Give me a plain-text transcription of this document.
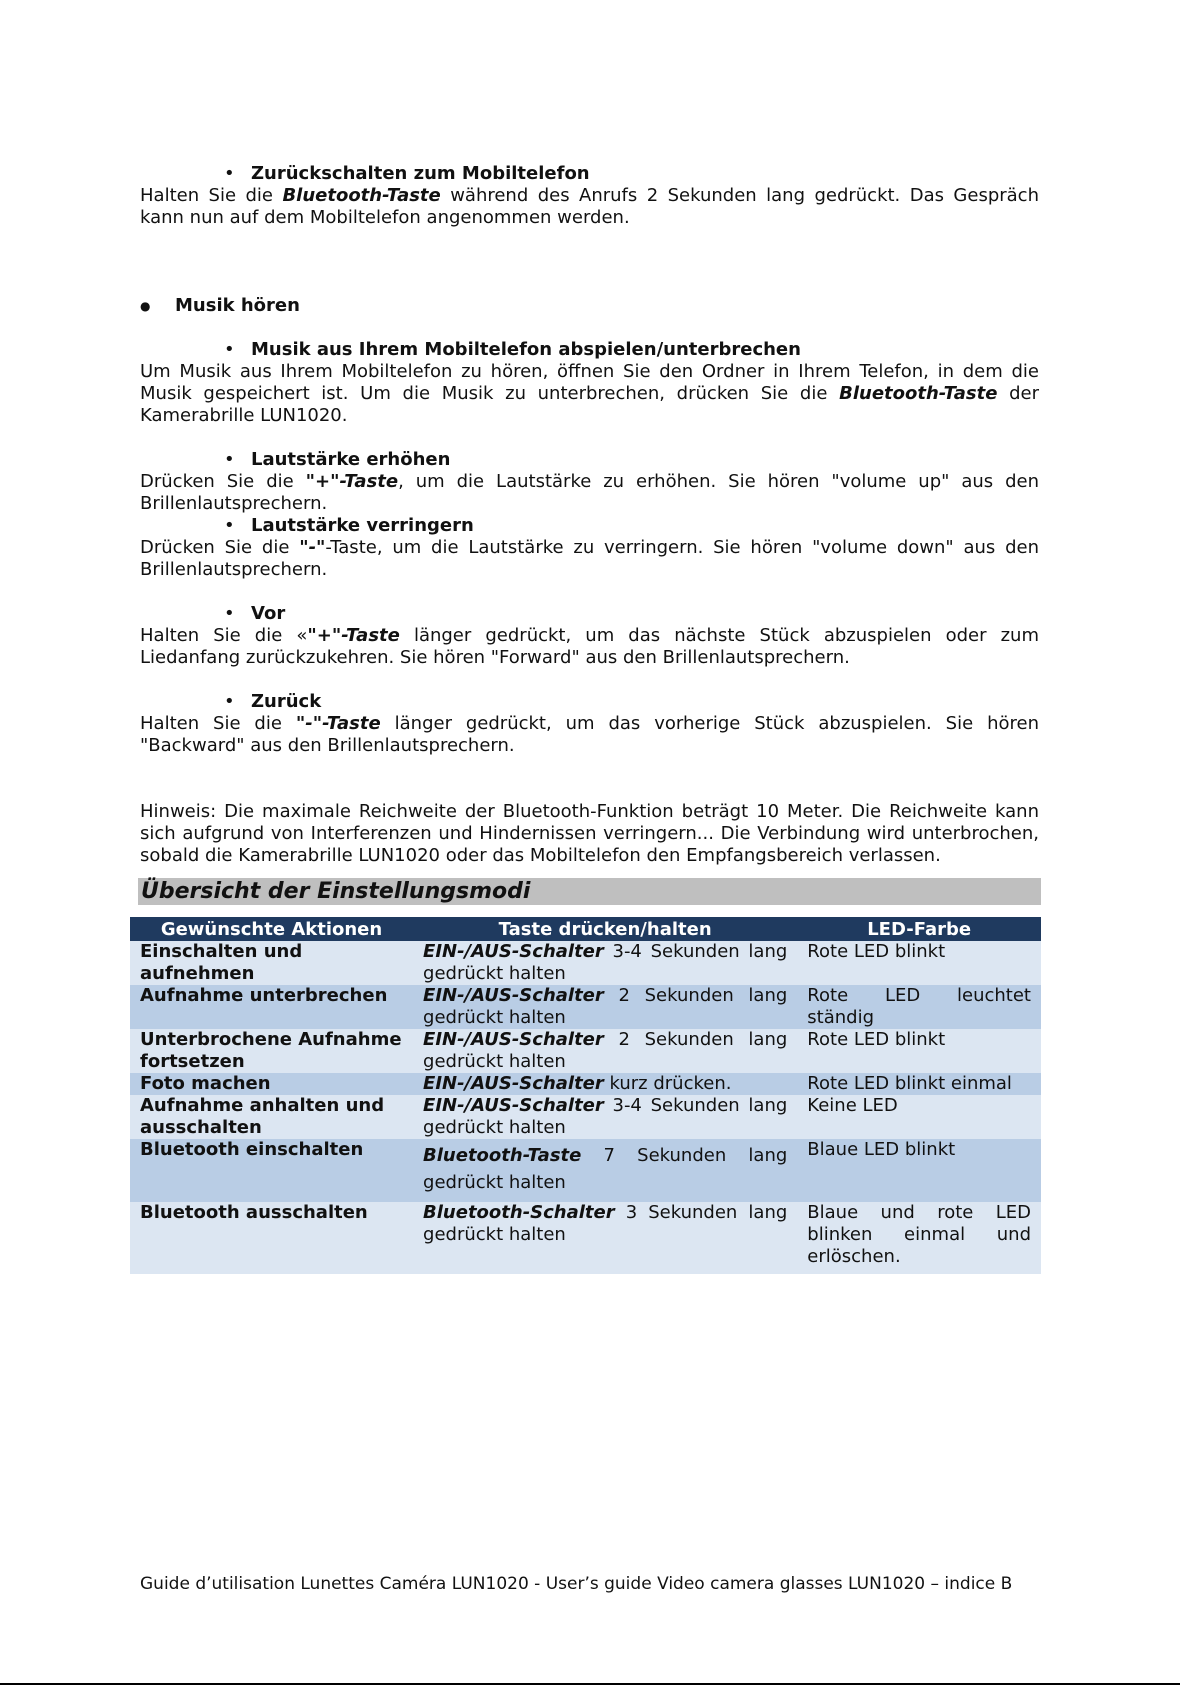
• Zurückschalten zum Mobiltelefon

Halten Sie die Bluetooth-Taste während des Anrufs 2 Sekunden lang gedrückt. Das Gespräch kann nun auf dem Mobiltelefon angenommen werden.

● Musik hören
• Musik aus Ihrem Mobiltelefon abspielen/unterbrechen

Um Musik aus Ihrem Mobiltelefon zu hören, öffnen Sie den Ordner in Ihrem Telefon, in dem die Musik gespeichert ist. Um die Musik zu unterbrechen, drücken Sie die Bluetooth-Taste der Kamerabrille LUN1020.

• Lautstärke erhöhen

Drücken Sie die "+"-Taste, um die Lautstärke zu erhöhen. Sie hören "volume up" aus den Brillenlautsprechern.

• Lautstärke verringern

Drücken Sie die "-"-Taste, um die Lautstärke zu verringern. Sie hören "volume down" aus den Brillenlautsprechern.

• Vor

Halten Sie die «"+"-Taste länger gedrückt, um das nächste Stück abzuspielen oder zum Liedanfang zurückzukehren. Sie hören "Forward" aus den Brillenlautsprechern.

• Zurück

Halten Sie die "-"-Taste länger gedrückt, um das vorherige Stück abzuspielen. Sie hören "Backward" aus den Brillenlautsprechern.

Hinweis: Die maximale Reichweite der Bluetooth-Funktion beträgt 10 Meter. Die Reichweite kann sich aufgrund von Interferenzen und Hindernissen verringern... Die Verbindung wird unterbrochen, sobald die Kamerabrille LUN1020 oder das Mobiltelefon den Empfangsbereich verlassen.

Übersicht der Einstellungsmodi
Gewünschte Aktionen	Taste drücken/halten	LED-Farbe
Einschalten und aufnehmen	EIN-/AUS-Schalter 3-4 Sekunden lang gedrückt halten	Rote LED blinkt
Aufnahme unterbrechen	EIN-/AUS-Schalter 2 Sekunden lang gedrückt halten	Rote LED leuchtet ständig
Unterbrochene Aufnahme fortsetzen	EIN-/AUS-Schalter 2 Sekunden lang gedrückt halten	Rote LED blinkt
Foto machen	EIN-/AUS-Schalter kurz drücken.	Rote LED blinkt einmal
Aufnahme anhalten und ausschalten	EIN-/AUS-Schalter 3-4 Sekunden lang gedrückt halten	Keine LED
Bluetooth einschalten	Bluetooth-Taste 7 Sekunden lang gedrückt halten	Blaue LED blinkt
Bluetooth ausschalten	Bluetooth-Schalter 3 Sekunden lang gedrückt halten	Blaue und rote LED blinken einmal und erlöschen.
Guide d’utilisation Lunettes Caméra LUN1020 - User’s guide Video camera glasses LUN1020 – indice B
